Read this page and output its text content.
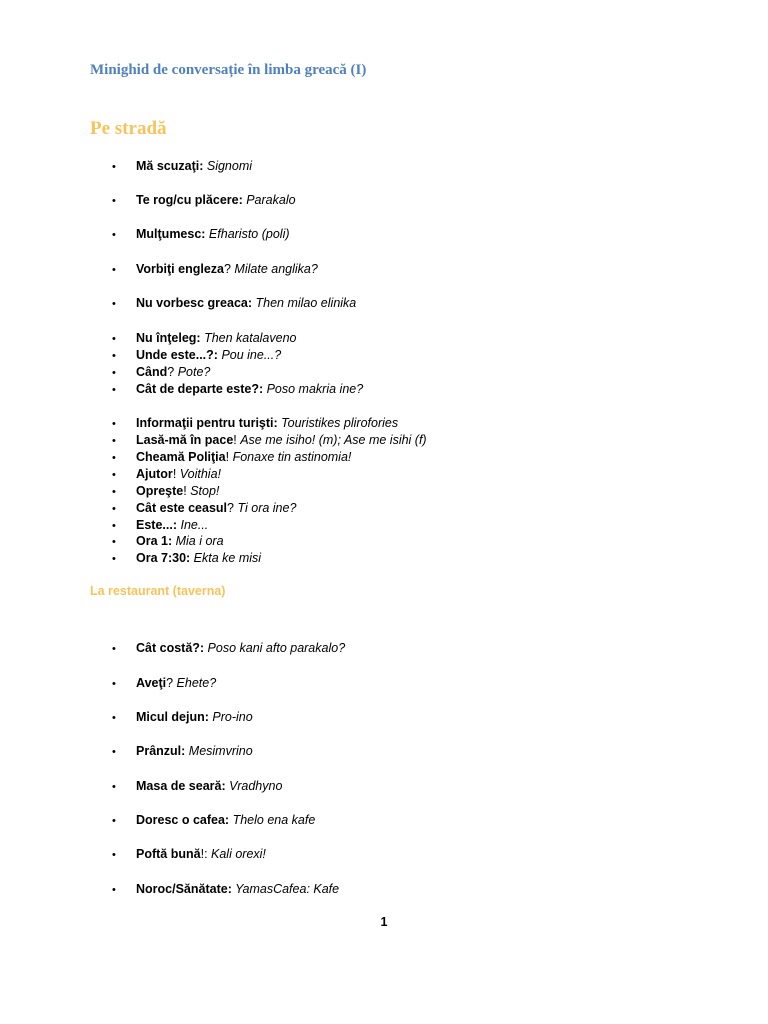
Minighid de conversație în limba greacă (I)
Pe stradă
• Mă scuzaţi: Signomi
• Te rog/cu plăcere: Parakalo
• Mulţumesc: Efharisto (poli)
• Vorbiţi engleza? Milate anglika?
• Nu vorbesc greaca: Then milao elinika
• Nu înţeleg: Then katalaveno
• Unde este...?: Pou ine...?
• Când? Pote?
• Cât de departe este?: Poso makria ine?
• Informaţii pentru turişti: Touristikes plirofories
• Lasă-mă în pace! Ase me isiho! (m); Ase me isihi (f)
• Cheamă Poliţia! Fonaxe tin astinomia!
• Ajutor! Voithia!
• Opreşte! Stop!
• Cât este ceasul? Ti ora ine?
• Este...: Ine...
• Ora 1: Mia i ora
• Ora 7:30: Ekta ke misi
La restaurant (taverna)
• Cât costă?: Poso kani afto parakalo?
• Aveţi? Ehete?
• Micul dejun: Pro-ino
• Prânzul: Mesimvrino
• Masa de seară: Vradhyno
• Doresc o cafea: Thelo ena kafe
• Poftă bună!: Kali orexi!
• Noroc/Sănătate: YamasCafea: Kafe
1
